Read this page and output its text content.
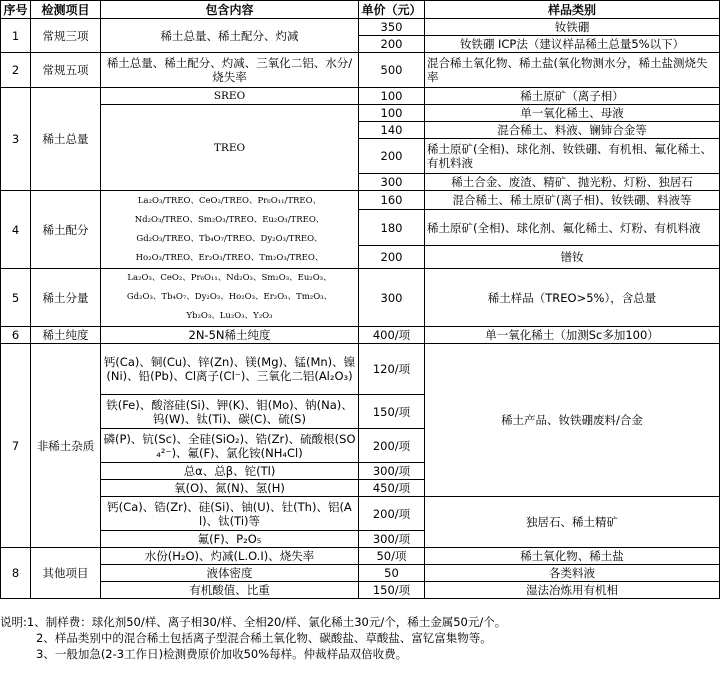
序号	检测项目	包含内容	单价（元）	样品类别
1	常规三项	稀土总量、稀土配分、灼减	350	钕铁硼
			200	钕铁硼 ICP法（建议样品稀土总量5%以下）
2	常规五项	稀土总量、稀土配分、灼减、三氧化二铝、水分/烧失率	500	混合稀土氧化物、稀土盐(氧化物测水分，稀土盐测烧失率
3	稀土总量	SREO	100	稀土原矿（离子相）
		TREO	100	单一氧化稀土、母液
			140	混合稀土、料液、镧铈合金等
			200	稀土原矿(全相)、球化剂、钕铁硼、有机相、氟化稀土、有机料液
			300	稀土合金、废渣、精矿、抛光粉、灯粉、独居石
4	稀土配分	La₂O₃/TREO、CeO₂/TREO、Pr₆O₁₁/TREO、
Nd₂O₃/TREO、Sm₂O₃/TREO、Eu₂O₃/TREO、
Gd₂O₃/TREO、Tb₄O₇/TREO、Dy₂O₃/TREO、
Ho₂O₃/TREO、Er₂O₃/TREO、Tm₂O₃/TREO、	160	混合稀土、稀土原矿(离子相)、钕铁硼、料液等
			180	稀土原矿(全相)、球化剂、氟化稀土、灯粉、有机料液
			200	镨钕
5	稀土分量	La₂O₃、CeO₂、Pr₆O₁₁、Nd₂O₃、Sm₂O₃、Eu₂O₃、
Gd₂O₃、Tb₄O₇、Dy₂O₃、Ho₂O₃、Er₂O₃、Tm₂O₃、
Yb₂O₃、Lu₂O₃、Y₂O₃	300	稀土样品（TREO>5%），含总量
6	稀土纯度	2N-5N稀土纯度	400/项	单一氧化稀土（加测Sc多加100）
7	非稀土杂质	钙(Ca)、铜(Cu)、锌(Zn)、镁(Mg)、锰(Mn)、镍(Ni)、铅(Pb)、Cl离子(Cl⁻)、三氧化二铝(Al₂O₃)	120/项	稀土产品、钕铁硼废料/合金
		铁(Fe)、酸溶硅(Si)、钾(K)、钼(Mo)、钠(Na)、钨(W)、钛(Ti)、碳(C)、硫(S)	150/项	
		磷(P)、钪(Sc)、全硅(SiO₂)、锆(Zr)、硫酸根(SO₄²⁻)、氟(F)、氯化铵(NH₄Cl)	200/项	
		总α、总β、铊(Tl)	300/项	
		氧(O)、氮(N)、氢(H)	450/项	
		钙(Ca)、锆(Zr)、硅(Si)、铀(U)、钍(Th)、铝(Al)、钛(Ti)等	200/项	独居石、稀土精矿
		氟(F)、P₂O₅	300/项	
8	其他项目	水份(H₂O)、灼减(L.O.I)、烧失率	50/项	稀土氧化物、稀土盐
		液体密度	50	各类料液
		有机酸值、比重	150/项	湿法冶炼用有机相
说明:1、制样费：球化剂50/样、离子相30/样、全相20/样、氯化稀土30元/个，稀土金属50元/个。
2、样品类别中的混合稀土包括离子型混合稀土氧化物、碳酸盐、草酸盐、富钇富集物等。
3、一般加急(2-3工作日)检测费原价加收50%每样。仲裁样品双倍收费。
